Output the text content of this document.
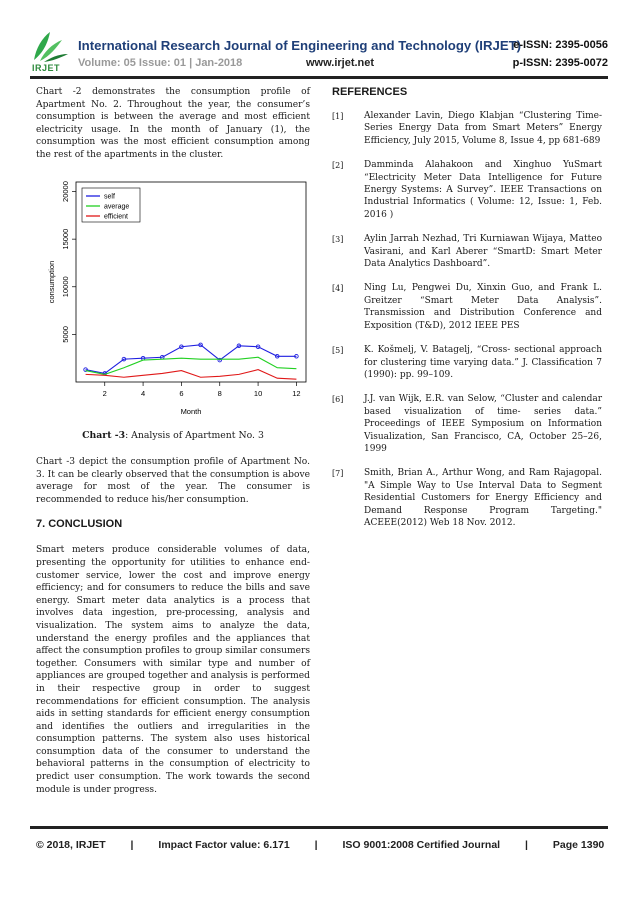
IRJET
International Research Journal of Engineering and Technology (IRJET)
e-ISSN: 2395-0056
Volume: 05 Issue: 01 | Jan-2018	www.irjet.net	p-ISSN: 2395-0072

Chart -2 demonstrates the consumption profile of Apartment No. 2. Throughout the year, the consumer’s consumption is between the average and most efficient electricity usage. In the month of January (1), the consumption was the most efficient consumption among the rest of the apartments in the cluster.

2	4	6	8	10	12
5000
10000
15000
20000
Month
consumption
self
average
efficient
Chart -3: Analysis of Apartment No. 3

Chart -3 depict the consumption profile of Apartment No. 3. It can be clearly observed that the consumption is above average for most of the year. The consumer is recommended to reduce his/her consumption.

7. CONCLUSION

Smart meters produce considerable volumes of data, presenting the opportunity for utilities to enhance end-customer service, lower the cost and improve energy efficiency; and for consumers to reduce the bills and save energy. Smart meter data analytics is a process that involves data ingestion, pre-processing, analysis and visualization. The system aims to analyze the data, understand the energy profiles and the appliances that affect the consumption profiles to group similar consumers together. Consumers with similar type and number of appliances are grouped together and analysis is performed in their respective group in order to suggest recommendations for efficient consumption. The analysis aids in setting standards for efficient energy consumption and identifies the outliers and irregularities in the consumption patterns. The system also uses historical consumption data of the consumer to understand the behavioral patterns in the consumption of electricity to predict user consumption. The work towards the second module is under progress.

REFERENCES

[1] Alexander Lavin, Diego Klabjan “Clustering Time-Series Energy Data from Smart Meters” Energy Efficiency, July 2015, Volume 8, Issue 4, pp 681-689
[2] Damminda Alahakoon and Xinghuo YuSmart “Electricity Meter Data Intelligence for Future Energy Systems: A Survey”. IEEE Transactions on Industrial Informatics ( Volume: 12, Issue: 1, Feb. 2016 )
[3] Aylin Jarrah Nezhad, Tri Kurniawan Wijaya, Matteo Vasirani, and Karl Aberer “SmartD: Smart Meter Data Analytics Dashboard”.
[4] Ning Lu, Pengwei Du, Xinxin Guo, and Frank L. Greitzer “Smart Meter Data Analysis”. Transmission and Distribution Conference and Exposition (T&D), 2012 IEEE PES
[5] K. Košmelj, V. Batagelj, “Cross- sectional approach for clustering time varying data.” J. Classification 7 (1990): pp. 99–109.
[6] J.J. van Wijk, E.R. van Selow, “Cluster and calendar based visualization of time- series data.” Proceedings of IEEE Symposium on Information Visualization, San Francisco, CA, October 25–26, 1999
[7] Smith, Brian A., Arthur Wong, and Ram Rajagopal. "A Simple Way to Use Interval Data to Segment Residential Customers for Energy Efficiency and Demand Response Program Targeting." ACEEE(2012) Web 18 Nov. 2012.
© 2018, IRJET | Impact Factor value: 6.171 | ISO 9001:2008 Certified Journal | Page 1390
